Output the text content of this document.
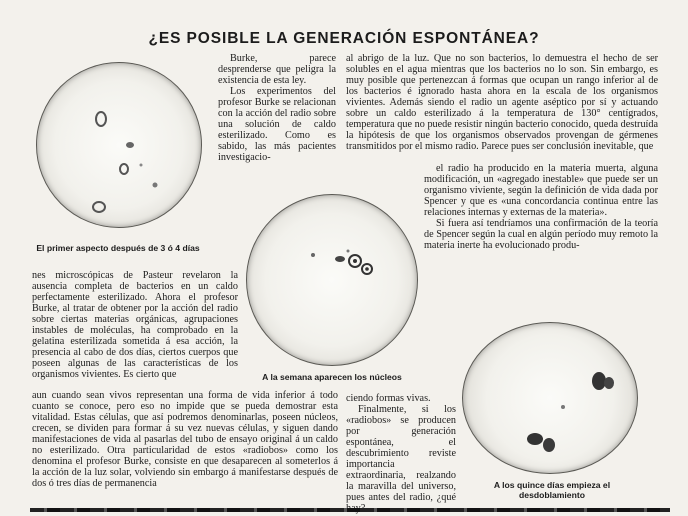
¿ES POSIBLE LA GENERACIÓN ESPONTÁNEA?
El primer aspecto después de 3 ó 4 días
A la semana aparecen los núcleos
A los quince días empieza el desdoblamiento

Burke, parece desprenderse que peligra la existencia de esta ley.

Los experimentos del profesor Burke se relacionan con la acción del radio sobre una solución de caldo esterilizado. Como es sabido, las más pacientes investigacio-

al abrigo de la luz. Que no son bacterios, lo demuestra el hecho de ser solubles en el agua mientras que los bacterios no lo son. Sin embargo, es muy posible que pertenezcan á formas que ocupan un rango inferior al de los bacterios é ignorado hasta ahora en la escala de los organismos vivientes. Además siendo el radio un agente aséptico por sí y actuando sobre un caldo esterilizado á la temperatura de 130° centígrados, temperatura que no puede resistir ningún bacterio conocido, queda destruída la hipótesis de que los organismos observados provengan de gérmenes transmitidos por el mismo radio. Parece pues ser conclusión inevitable, que

el radio ha producido en la materia muerta, alguna modificación, un «agregado inestable» que puede ser un organismo viviente, según la definición de vida dada por Spencer y que es «una concordancia continua entre las relaciones internas y externas de la materia».

Si fuera así tendríamos una confirmación de la teoría de Spencer según la cual en algún período muy remoto la materia inerte ha evolucionado produ-

nes microscópicas de Pasteur revelaron la ausencia completa de bacterios en un caldo perfectamente esterilizado. Ahora el profesor Burke, al tratar de obtener por la acción del radio sobre ciertas materias orgánicas, agrupaciones instables de moléculas, ha comprobado en la gelatina esterilizada sometida á esa acción, la presencia al cabo de dos días, ciertos cuerpos que poseen algunas de las características de los organismos vivientes. Es cierto que

aun cuando sean vivos representan una forma de vida inferior á todo cuanto se conoce, pero eso no impide que se pueda demostrar esta vitalidad. Estas células, que así podremos denominarlas, poseen núcleos, crecen, se dividen para formar á su vez nuevas células, y siguen dando manifestaciones de vida al pasarlas del tubo de ensayo original á un caldo no esterilizado. Otra particularidad de estos «radiobos» como los denomina el profesor Burke, consiste en que desaparecen al someterlos á la acción de la luz solar, volviendo sin embargo á manifestarse después de dos ó tres días de permanencia

ciendo formas vivas.

Finalmente, si los «radiobos» se producen por generación espontánea, el descubrimiento reviste importancia extraordinaria, realzando la maravilla del universo, pues antes del radio, ¿qué
